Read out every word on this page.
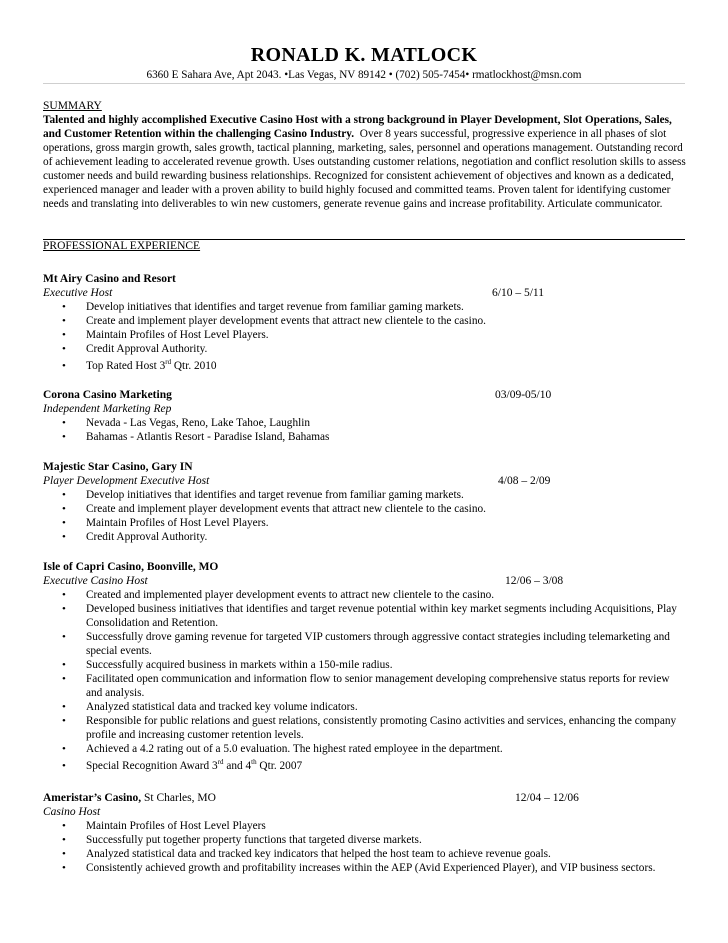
RONALD K. MATLOCK
6360 E Sahara Ave, Apt 2043. •Las Vegas, NV 89142 • (702) 505-7454• rmatlockhost@msn.com
SUMMARY

Talented and highly accomplished Executive Casino Host with a strong background in Player Development, Slot Operations, Sales, and Customer Retention within the challenging Casino Industry. Over 8 years successful, progressive experience in all phases of slot operations, gross margin growth, sales growth, tactical planning, marketing, sales, personnel and operations management. Outstanding record of achievement leading to accelerated revenue growth. Uses outstanding customer relations, negotiation and conflict resolution skills to assess customer needs and build rewarding business relationships. Recognized for consistent achievement of objectives and known as a dedicated, experienced manager and leader with a proven ability to build highly focused and committed teams. Proven talent for identifying customer needs and translating into deliverables to win new customers, generate revenue gains and increase profitability. Articulate communicator.

PROFESSIONAL EXPERIENCE
Mt Airy Casino and Resort
Executive Host	6/10 – 5/11
• Develop initiatives that identifies and target revenue from familiar gaming markets.
• Create and implement player development events that attract new clientele to the casino.
• Maintain Profiles of Host Level Players.
• Credit Approval Authority.
• Top Rated Host 3rd Qtr. 2010
Corona Casino Marketing
Independent Marketing Rep
03/09-05/10
• Nevada - Las Vegas, Reno, Lake Tahoe, Laughlin
• Bahamas - Atlantis Resort - Paradise Island, Bahamas
Majestic Star Casino, Gary IN
Player Development Executive Host	4/08 – 2/09
• Develop initiatives that identifies and target revenue from familiar gaming markets.
• Create and implement player development events that attract new clientele to the casino.
• Maintain Profiles of Host Level Players.
• Credit Approval Authority.
Isle of Capri Casino, Boonville, MO
Executive Casino Host	12/06 – 3/08
• Created and implemented player development events to attract new clientele to the casino.
• Developed business initiatives that identifies and target revenue potential within key market segments including Acquisitions, Play Consolidation and Retention.
• Successfully drove gaming revenue for targeted VIP customers through aggressive contact strategies including telemarketing and special events.
• Successfully acquired business in markets within a 150-mile radius.
• Facilitated open communication and information flow to senior management developing comprehensive status reports for review and analysis.
• Analyzed statistical data and tracked key volume indicators.
• Responsible for public relations and guest relations, consistently promoting Casino activities and services, enhancing the company profile and increasing customer retention levels.
• Achieved a 4.2 rating out of a 5.0 evaluation. The highest rated employee in the department.
• Special Recognition Award 3rd and 4th Qtr. 2007
Ameristar’s Casino, St Charles, MO
Casino Host
12/04 – 12/06
• Maintain Profiles of Host Level Players
• Successfully put together property functions that targeted diverse markets.
• Analyzed statistical data and tracked key indicators that helped the host team to achieve revenue goals.
• Consistently achieved growth and profitability increases within the AEP (Avid Experienced Player), and VIP business sectors.
